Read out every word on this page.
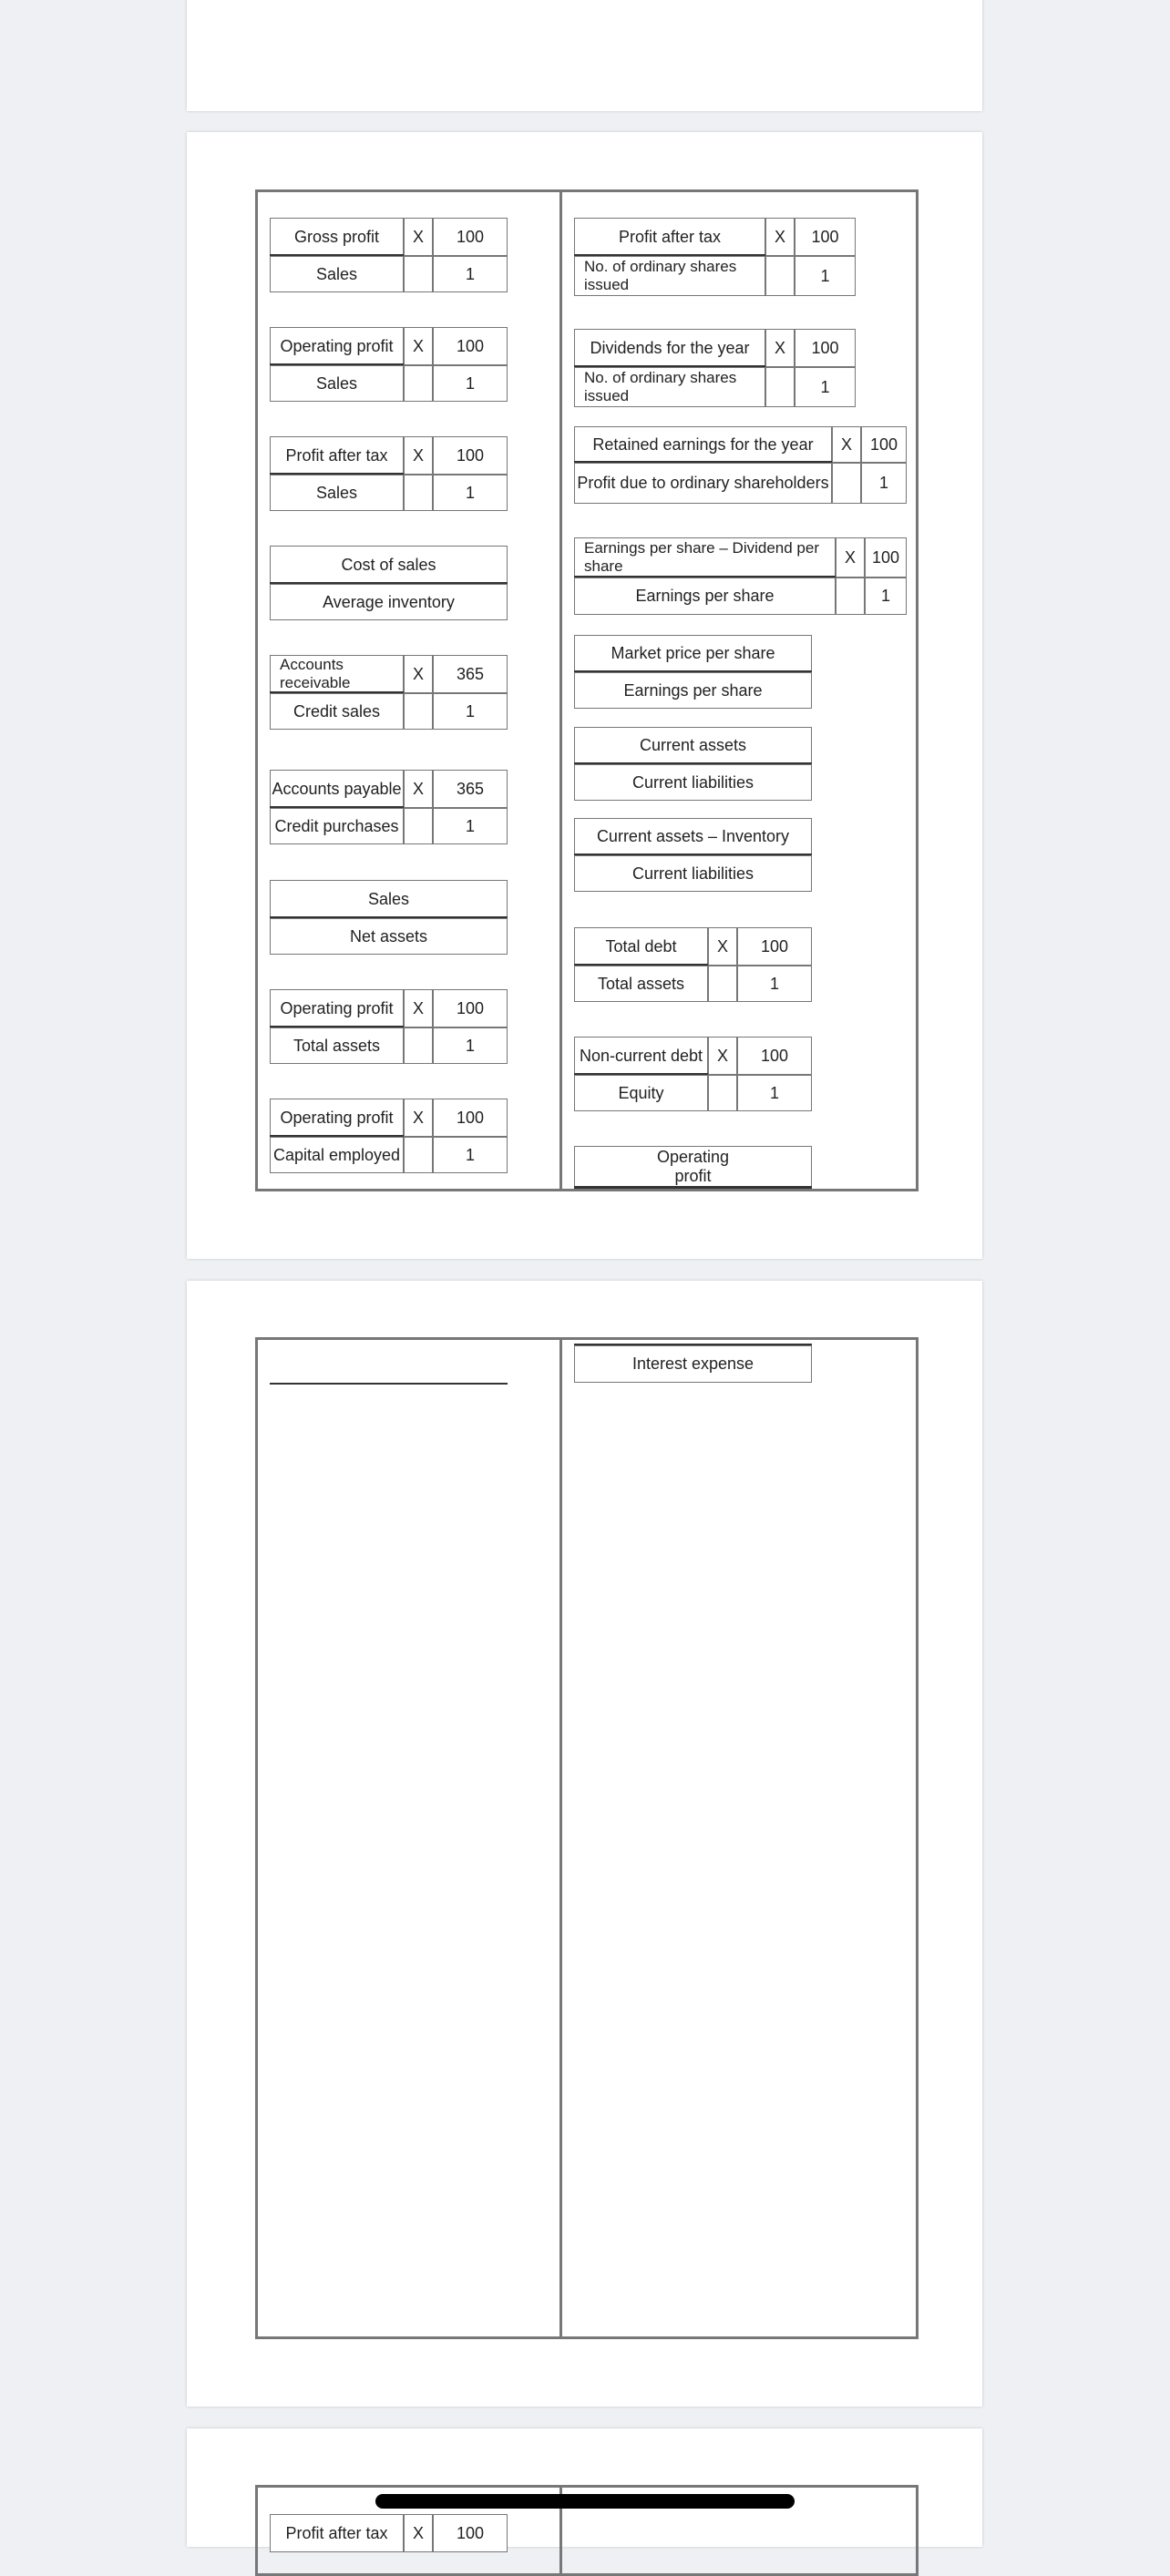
Gross profit	X	100
Sales	1
Operating profit	X	100
Sales	1
Profit after tax	X	100
Sales	1
Cost of sales
Average inventory
Accounts receivable	X	365
Credit sales	1
Accounts payable X	365
Credit purchases	1
Sales
Net assets
Operating profit	X	100
Total assets	1
Operating profit	X	100
Capital employed	1
Profit after tax	X	100
No. of ordinary shares issued	1
Dividends for the year	X	100
No. of ordinary shares issued	1
Retained earnings for the year	X	100
Profit due to ordinary shareholders	1
Earnings per share – Dividend per share	X 100
Earnings per share	1
Market price per share
Earnings per share
Current assets
Current liabilities
Current assets – Inventory
Current liabilities
Total debt	X	100
Total assets	1
Non-current debt X	100
Equity	1
Operating profit
Interest expense
Profit after tax	X	100
